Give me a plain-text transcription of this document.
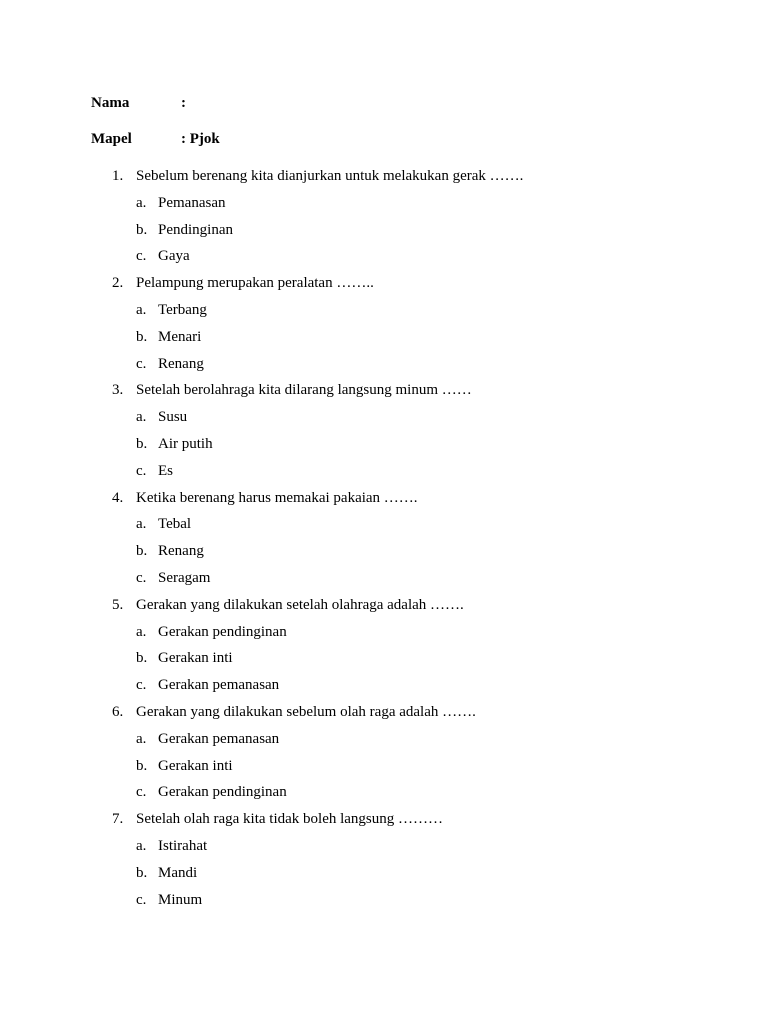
Nama	:
Mapel	: Pjok
1. Sebelum berenang kita dianjurkan untuk melakukan gerak …….
a. Pemanasan
b. Pendinginan
c. Gaya
2. Pelampung merupakan peralatan ……..
a. Terbang
b. Menari
c. Renang
3. Setelah berolahraga kita dilarang langsung minum ……
a. Susu
b. Air putih
c. Es
4. Ketika berenang harus memakai pakaian …….
a. Tebal
b. Renang
c. Seragam
5. Gerakan yang dilakukan setelah olahraga adalah …….
a. Gerakan pendinginan
b. Gerakan inti
c. Gerakan pemanasan
6. Gerakan yang dilakukan sebelum olah raga adalah …….
a. Gerakan pemanasan
b. Gerakan inti
c. Gerakan pendinginan
7. Setelah olah raga kita tidak boleh langsung ………
a. Istirahat
b. Mandi
c. Minum
